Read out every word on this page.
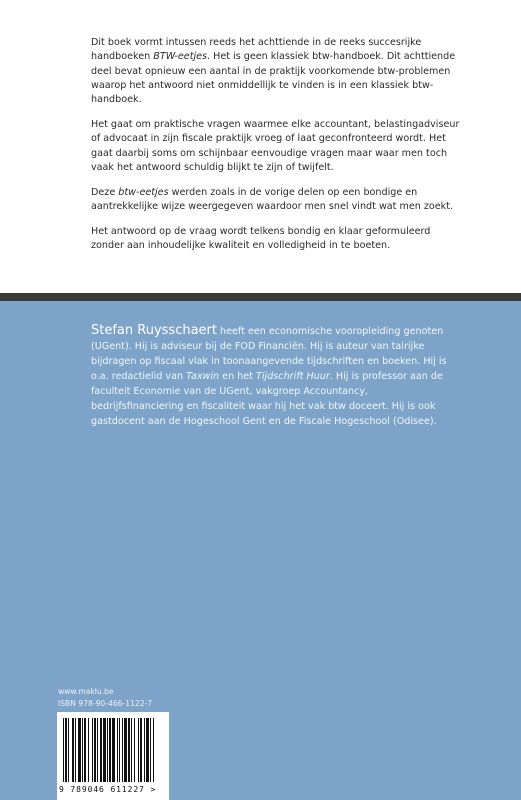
Dit boek vormt intussen reeds het achttiende in de reeks succesrijke handboeken BTW-eetjes. Het is geen klassiek btw-handboek. Dit achttiende deel bevat opnieuw een aantal in de praktijk voorkomende btw-problemen waarop het antwoord niet onmiddellijk te vinden is in een klassiek btw-handboek.

Het gaat om praktische vragen waarmee elke accountant, belastingadviseur of advocaat in zijn fiscale praktijk vroeg of laat geconfronteerd wordt. Het gaat daarbij soms om schijnbaar eenvoudige vragen maar waar men toch vaak het antwoord schuldig blijkt te zijn of twijfelt.

Deze btw-eetjes werden zoals in de vorige delen op een bondige en aantrekkelijke wijze weergegeven waardoor men snel vindt wat men zoekt.

Het antwoord op de vraag wordt telkens bondig en klaar geformuleerd zonder aan inhoudelijke kwaliteit en volledigheid in te boeten.

Stefan Ruysschaert heeft een economische vooropleiding genoten (UGent). Hij is adviseur bij de FOD Financiën. Hij is auteur van talrijke bijdragen op fiscaal vlak in toonaangevende tijdschriften en boeken. Hij is o.a. redactielid van Taxwin en het Tijdschrift Huur. Hij is professor aan de faculteit Economie van de UGent, vakgroep Accountancy, bedrijfsfinanciering en fiscaliteit waar hij het vak btw doceert. Hij is ook gastdocent aan de Hogeschool Gent en de Fiscale Hogeschool (Odisee).
www.maklu.be
ISBN 978-90-466-1122-7
9 789046 611227 >
